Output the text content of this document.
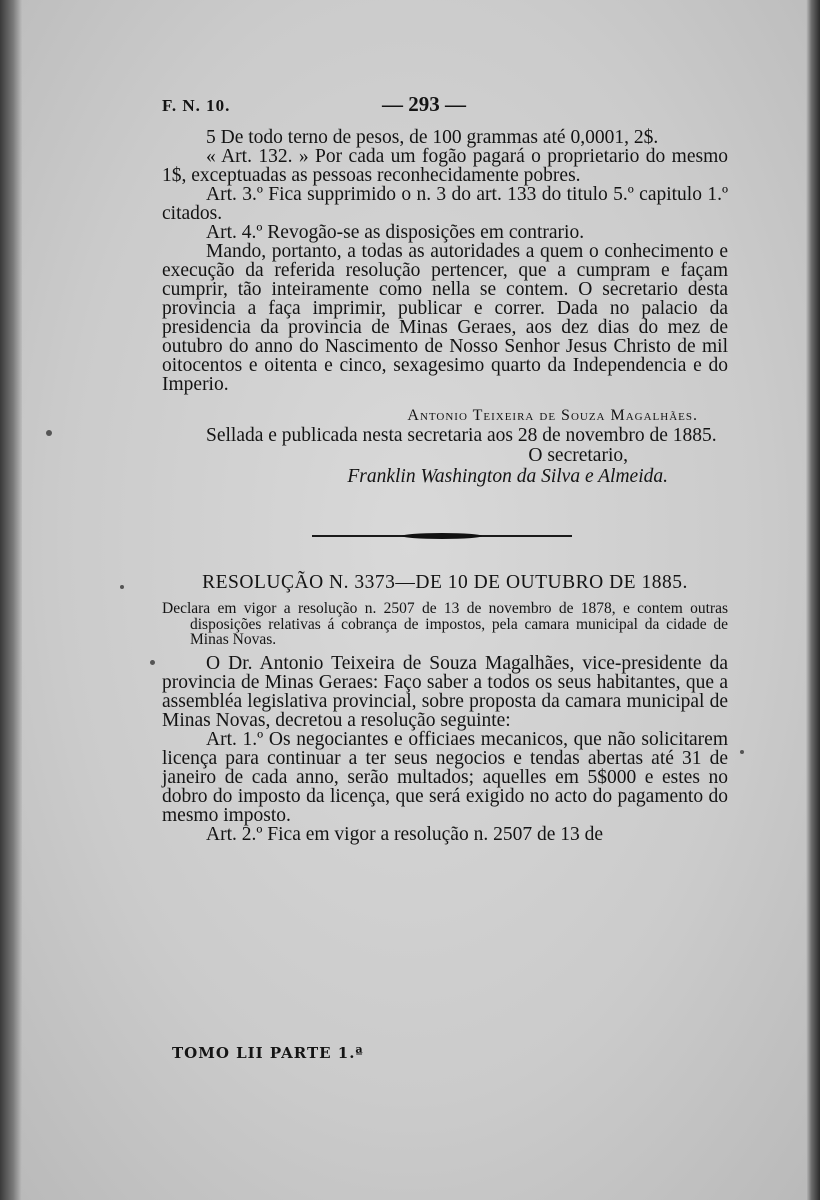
F. N. 10.	— 293 —

5 De todo terno de pesos, de 100 grammas até 0,0001, 2$.

« Art. 132. » Por cada um fogão pagará o proprietario do mesmo 1$, exceptuadas as pessoas reconhecidamente pobres.

Art. 3.º Fica supprimido o n. 3 do art. 133 do titulo 5.º capitulo 1.º citados.

Art. 4.º Revogão-se as disposições em contrario.

Mando, portanto, a todas as autoridades a quem o conhecimento e execução da referida resolução pertencer, que a cumpram e façam cumprir, tão inteiramente como nella se contem. O secretario desta provincia a faça imprimir, publicar e correr. Dada no palacio da presidencia da provincia de Minas Geraes, aos dez dias do mez de outubro do anno do Nascimento de Nosso Senhor Jesus Christo de mil oitocentos e oitenta e cinco, sexagesimo quarto da Independencia e do Imperio.

Antonio Teixeira de Souza Magalhães.

Sellada e publicada nesta secretaria aos 28 de novembro de 1885.

O secretario,
Franklin Washington da Silva e Almeida.
RESOLUÇÃO N. 3373—DE 10 DE OUTUBRO DE 1885.
Declara em vigor a resolução n. 2507 de 13 de novembro de 1878, e contem outras disposições relativas á cobrança de impostos, pela camara municipal da cidade de Minas Novas.

O Dr. Antonio Teixeira de Souza Magalhães, vice-presidente da provincia de Minas Geraes: Faço saber a todos os seus habitantes, que a assembléa legislativa provincial, sobre proposta da camara municipal de Minas Novas, decretou a resolução seguinte:

Art. 1.º Os negociantes e officiaes mecanicos, que não solicitarem licença para continuar a ter seus negocios e tendas abertas até 31 de janeiro de cada anno, serão multados; aquelles em 5$000 e estes no dobro do imposto da licença, que será exigido no acto do pagamento do mesmo imposto.

Art. 2.º Fica em vigor a resolução n. 2507 de 13 de

TOMO LII PARTE 1.ª
